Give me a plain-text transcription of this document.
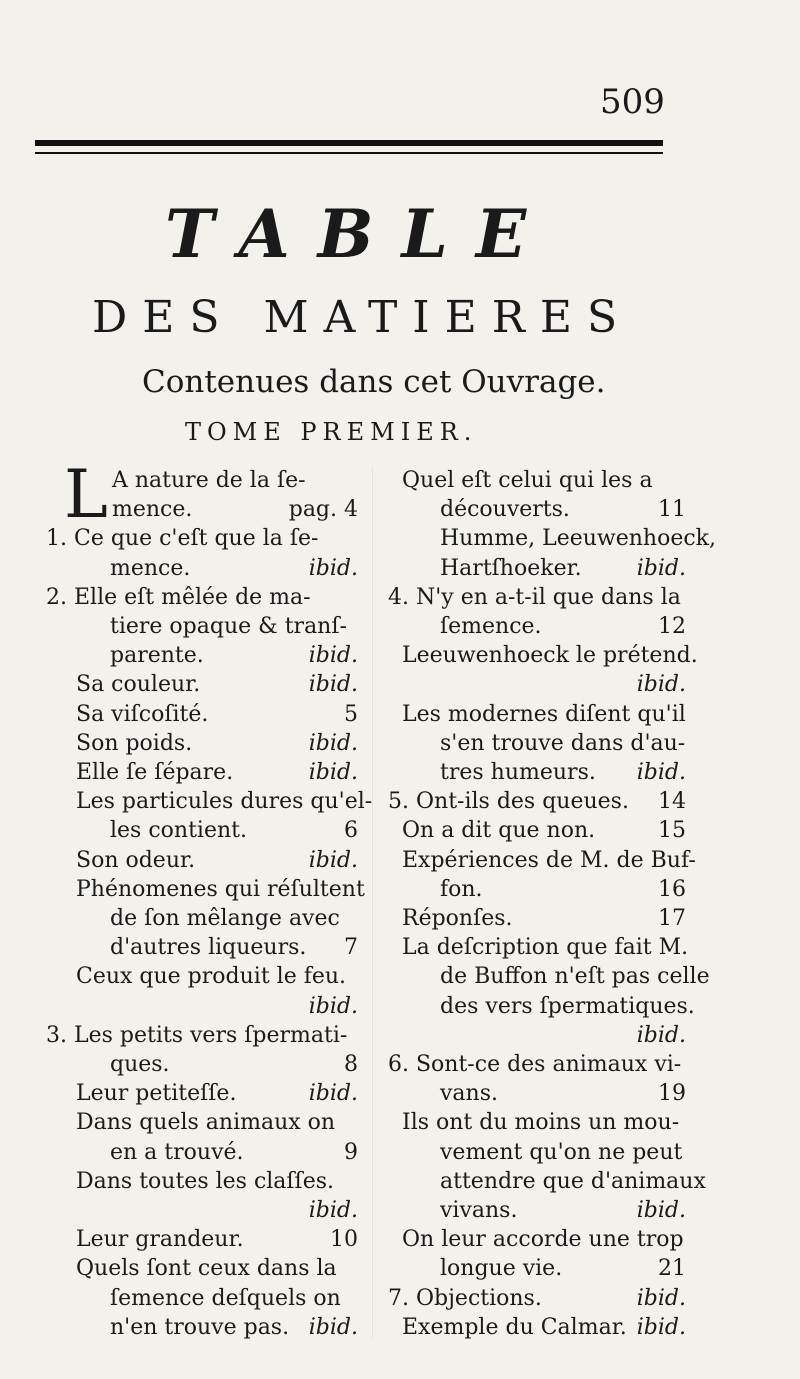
509
TABLE
DES MATIERES
Contenues dans cet Ouvrage.
TOME PREMIER.
L A nature de la ſe-
mence.	pag. 4
1. Ce que c'eſt que la ſe-
mence.	ibid.
2. Elle eſt mêlée de ma-
tiere opaque & tranſ-
parente.	ibid.
Sa couleur.	ibid.
Sa viſcoſité.	5
Son poids.	ibid.
Elle ſe ſépare.	ibid.
Les particules dures qu'el-
les contient.	6
Son odeur.	ibid.
Phénomenes qui réſultent
de ſon mêlange avec
d'autres liqueurs.	7
Ceux que produit le feu.
ibid.
3. Les petits vers ſpermati-
ques.	8
Leur petiteſſe.	ibid.
Dans quels animaux on
en a trouvé.	9
Dans toutes les claſſes.
ibid.
Leur grandeur.	10
Quels ſont ceux dans la
ſemence deſquels on
n'en trouve pas. ibid.
Quel eſt celui qui les a
découverts.	11
Humme, Leeuwenhoeck,
Hartſhoeker.	ibid.
4. N'y en a-t-il que dans la
ſemence.	12
Leeuwenhoeck le prétend.
ibid.
Les modernes diſent qu'il
s'en trouve dans d'au-
tres humeurs.	ibid.
5. Ont-ils des queues.	14
On a dit que non.	15
Expériences de M. de Buf-
fon.	16
Réponſes.	17
La deſcription que fait M.
de Buffon n'eſt pas celle
des vers ſpermatiques.
ibid.
6. Sont-ce des animaux vi-
vans.	19
Ils ont du moins un mou-
vement qu'on ne peut
attendre que d'animaux
vivans.	ibid.
On leur accorde une trop
longue vie.	21
7. Objections.	ibid.
Exemple du Calmar. ibid.
